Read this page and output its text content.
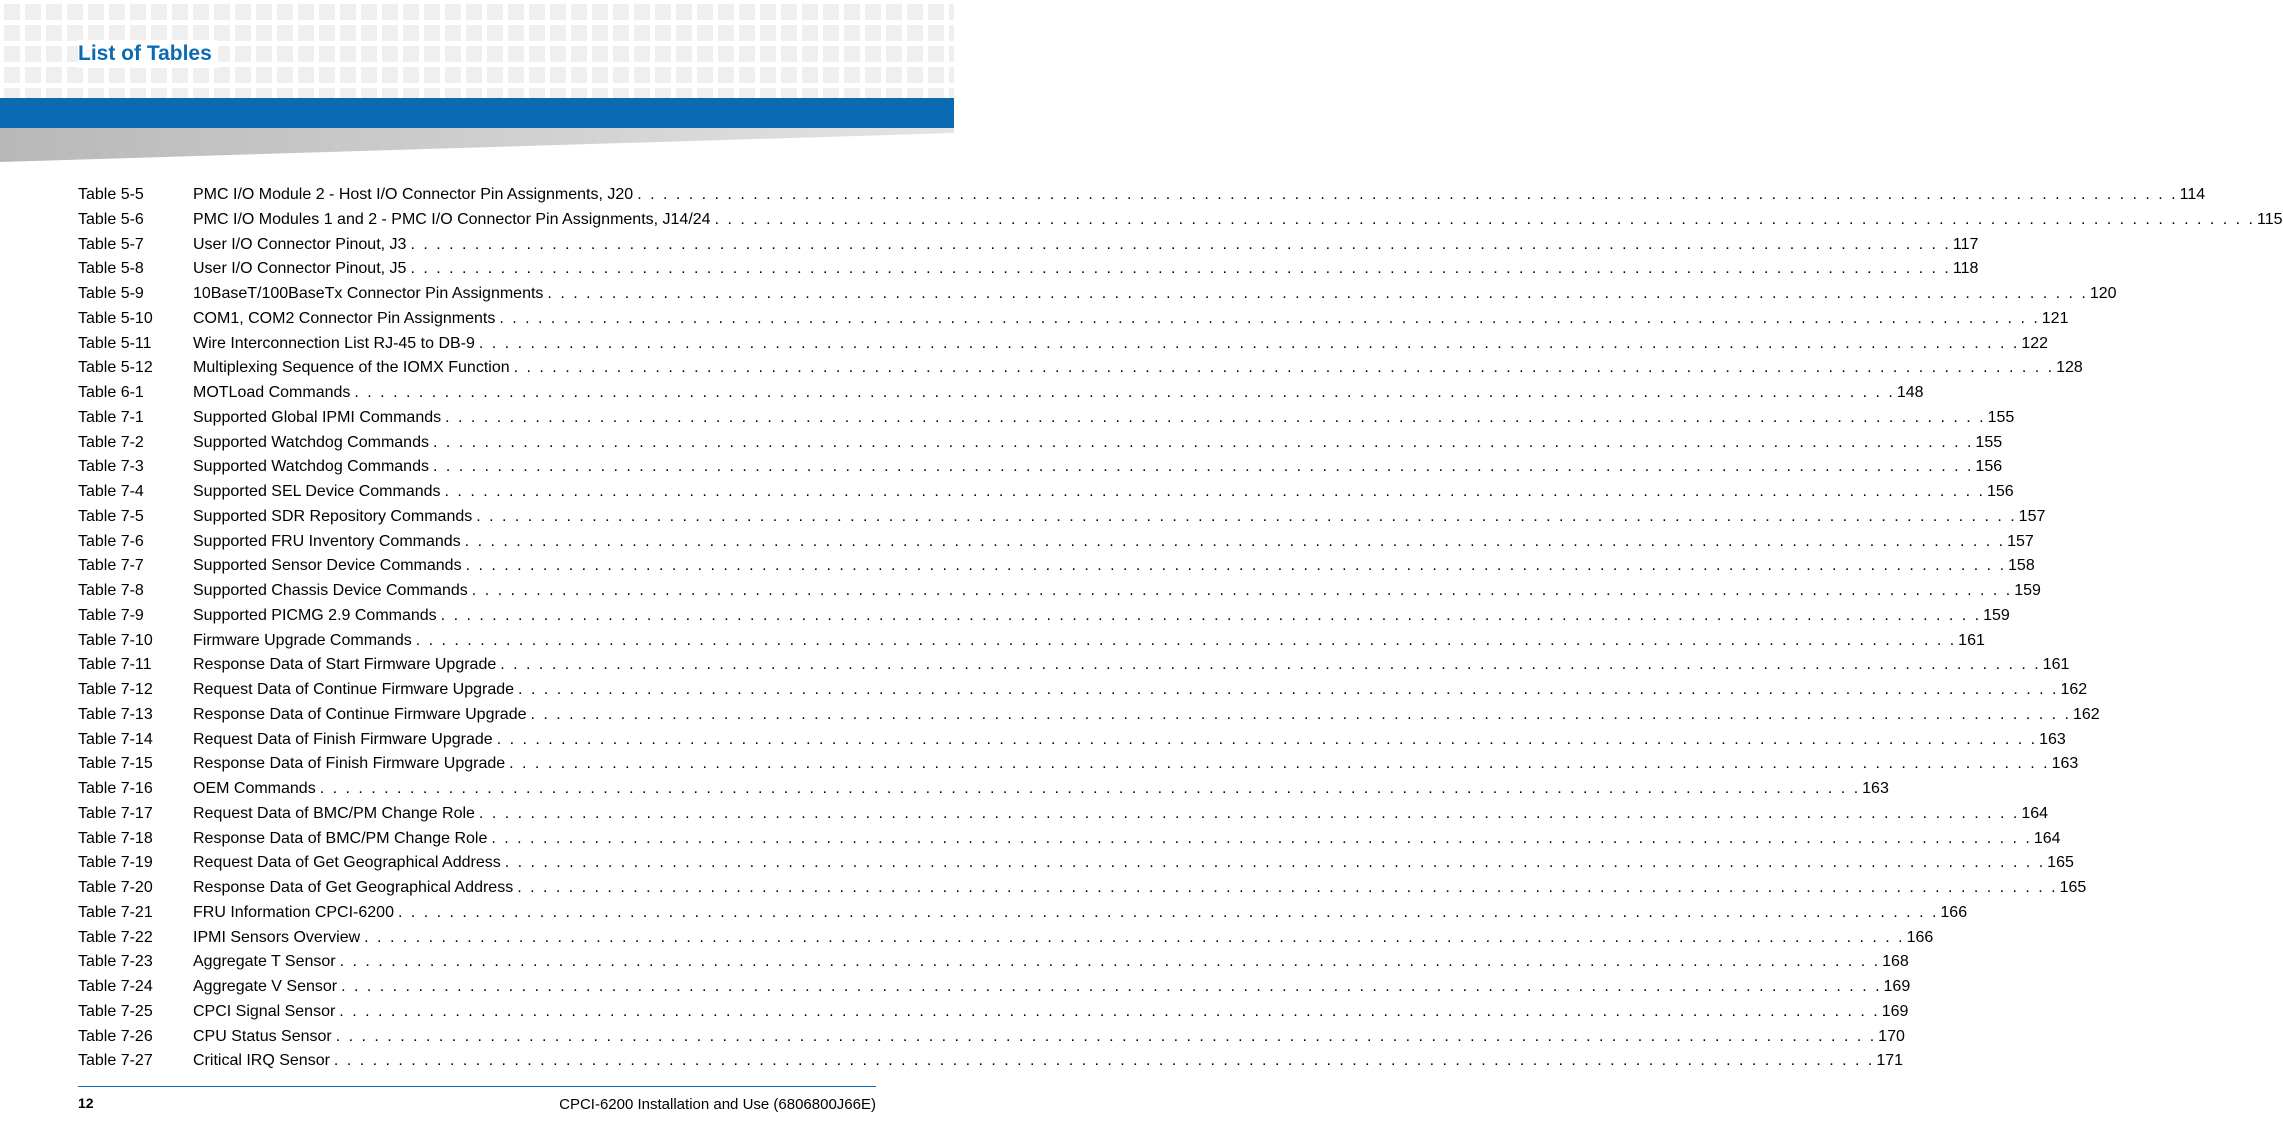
List of Tables
Table 5-5	PMC I/O Module 2 - Host I/O Connector Pin Assignments, J20 . . . . . . . . . . . . . . . . . . . . . . . . . . . . . . . . . . . . . . . . . . . . . . . . . . . . . . . . . . . . . . . . . . . . . . . . . . . . . . . . . . . . . . . . . . . . . . . . . . . . . . . . . . . . . . . . . . . . . . . . 114
Table 5-6	PMC I/O Modules 1 and 2 - PMC I/O Connector Pin Assignments, J14/24 . . . . . . . . . . . . . . . . . . . . . . . . . . . . . . . . . . . . . . . . . . . . . . . . . . . . . . . . . . . . . . . . . . . . . . . . . . . . . . . . . . . . . . . . . . . . . . . . . . . . . . . . . . . . . . . . . . . . . . . . 115
Table 5-7	User I/O Connector Pinout, J3 . . . . . . . . . . . . . . . . . . . . . . . . . . . . . . . . . . . . . . . . . . . . . . . . . . . . . . . . . . . . . . . . . . . . . . . . . . . . . . . . . . . . . . . . . . . . . . . . . . . . . . . . . . . . . . . . . . . . . . . . 117
Table 5-8	User I/O Connector Pinout, J5 . . . . . . . . . . . . . . . . . . . . . . . . . . . . . . . . . . . . . . . . . . . . . . . . . . . . . . . . . . . . . . . . . . . . . . . . . . . . . . . . . . . . . . . . . . . . . . . . . . . . . . . . . . . . . . . . . . . . . . . . 118
Table 5-9	10BaseT/100BaseTx Connector Pin Assignments . . . . . . . . . . . . . . . . . . . . . . . . . . . . . . . . . . . . . . . . . . . . . . . . . . . . . . . . . . . . . . . . . . . . . . . . . . . . . . . . . . . . . . . . . . . . . . . . . . . . . . . . . . . . . . . . . . . . . . . . 120
Table 5-10	COM1, COM2 Connector Pin Assignments . . . . . . . . . . . . . . . . . . . . . . . . . . . . . . . . . . . . . . . . . . . . . . . . . . . . . . . . . . . . . . . . . . . . . . . . . . . . . . . . . . . . . . . . . . . . . . . . . . . . . . . . . . . . . . . . . . . . . . . . 121
Table 5-11	Wire Interconnection List RJ-45 to DB-9 . . . . . . . . . . . . . . . . . . . . . . . . . . . . . . . . . . . . . . . . . . . . . . . . . . . . . . . . . . . . . . . . . . . . . . . . . . . . . . . . . . . . . . . . . . . . . . . . . . . . . . . . . . . . . . . . . . . . . . . . 122
Table 5-12	Multiplexing Sequence of the IOMX Function . . . . . . . . . . . . . . . . . . . . . . . . . . . . . . . . . . . . . . . . . . . . . . . . . . . . . . . . . . . . . . . . . . . . . . . . . . . . . . . . . . . . . . . . . . . . . . . . . . . . . . . . . . . . . . . . . . . . . . . . 128
Table 6-1	MOTLoad Commands . . . . . . . . . . . . . . . . . . . . . . . . . . . . . . . . . . . . . . . . . . . . . . . . . . . . . . . . . . . . . . . . . . . . . . . . . . . . . . . . . . . . . . . . . . . . . . . . . . . . . . . . . . . . . . . . . . . . . . . . 148
Table 7-1	Supported Global IPMI Commands . . . . . . . . . . . . . . . . . . . . . . . . . . . . . . . . . . . . . . . . . . . . . . . . . . . . . . . . . . . . . . . . . . . . . . . . . . . . . . . . . . . . . . . . . . . . . . . . . . . . . . . . . . . . . . . . . . . . . . . . 155
Table 7-2	Supported Watchdog Commands . . . . . . . . . . . . . . . . . . . . . . . . . . . . . . . . . . . . . . . . . . . . . . . . . . . . . . . . . . . . . . . . . . . . . . . . . . . . . . . . . . . . . . . . . . . . . . . . . . . . . . . . . . . . . . . . . . . . . . . . 155
Table 7-3	Supported Watchdog Commands . . . . . . . . . . . . . . . . . . . . . . . . . . . . . . . . . . . . . . . . . . . . . . . . . . . . . . . . . . . . . . . . . . . . . . . . . . . . . . . . . . . . . . . . . . . . . . . . . . . . . . . . . . . . . . . . . . . . . . . . 156
Table 7-4	Supported SEL Device Commands . . . . . . . . . . . . . . . . . . . . . . . . . . . . . . . . . . . . . . . . . . . . . . . . . . . . . . . . . . . . . . . . . . . . . . . . . . . . . . . . . . . . . . . . . . . . . . . . . . . . . . . . . . . . . . . . . . . . . . . . 156
Table 7-5	Supported SDR Repository Commands . . . . . . . . . . . . . . . . . . . . . . . . . . . . . . . . . . . . . . . . . . . . . . . . . . . . . . . . . . . . . . . . . . . . . . . . . . . . . . . . . . . . . . . . . . . . . . . . . . . . . . . . . . . . . . . . . . . . . . . . 157
Table 7-6	Supported FRU Inventory Commands . . . . . . . . . . . . . . . . . . . . . . . . . . . . . . . . . . . . . . . . . . . . . . . . . . . . . . . . . . . . . . . . . . . . . . . . . . . . . . . . . . . . . . . . . . . . . . . . . . . . . . . . . . . . . . . . . . . . . . . . 157
Table 7-7	Supported Sensor Device Commands . . . . . . . . . . . . . . . . . . . . . . . . . . . . . . . . . . . . . . . . . . . . . . . . . . . . . . . . . . . . . . . . . . . . . . . . . . . . . . . . . . . . . . . . . . . . . . . . . . . . . . . . . . . . . . . . . . . . . . . . 158
Table 7-8	Supported Chassis Device Commands . . . . . . . . . . . . . . . . . . . . . . . . . . . . . . . . . . . . . . . . . . . . . . . . . . . . . . . . . . . . . . . . . . . . . . . . . . . . . . . . . . . . . . . . . . . . . . . . . . . . . . . . . . . . . . . . . . . . . . . . 159
Table 7-9	Supported PICMG 2.9 Commands . . . . . . . . . . . . . . . . . . . . . . . . . . . . . . . . . . . . . . . . . . . . . . . . . . . . . . . . . . . . . . . . . . . . . . . . . . . . . . . . . . . . . . . . . . . . . . . . . . . . . . . . . . . . . . . . . . . . . . . . 159
Table 7-10	Firmware Upgrade Commands . . . . . . . . . . . . . . . . . . . . . . . . . . . . . . . . . . . . . . . . . . . . . . . . . . . . . . . . . . . . . . . . . . . . . . . . . . . . . . . . . . . . . . . . . . . . . . . . . . . . . . . . . . . . . . . . . . . . . . . . 161
Table 7-11	Response Data of Start Firmware Upgrade . . . . . . . . . . . . . . . . . . . . . . . . . . . . . . . . . . . . . . . . . . . . . . . . . . . . . . . . . . . . . . . . . . . . . . . . . . . . . . . . . . . . . . . . . . . . . . . . . . . . . . . . . . . . . . . . . . . . . . . . 161
Table 7-12	Request Data of Continue Firmware Upgrade . . . . . . . . . . . . . . . . . . . . . . . . . . . . . . . . . . . . . . . . . . . . . . . . . . . . . . . . . . . . . . . . . . . . . . . . . . . . . . . . . . . . . . . . . . . . . . . . . . . . . . . . . . . . . . . . . . . . . . . . 162
Table 7-13	Response Data of Continue Firmware Upgrade . . . . . . . . . . . . . . . . . . . . . . . . . . . . . . . . . . . . . . . . . . . . . . . . . . . . . . . . . . . . . . . . . . . . . . . . . . . . . . . . . . . . . . . . . . . . . . . . . . . . . . . . . . . . . . . . . . . . . . . . 162
Table 7-14	Request Data of Finish Firmware Upgrade . . . . . . . . . . . . . . . . . . . . . . . . . . . . . . . . . . . . . . . . . . . . . . . . . . . . . . . . . . . . . . . . . . . . . . . . . . . . . . . . . . . . . . . . . . . . . . . . . . . . . . . . . . . . . . . . . . . . . . . . 163
Table 7-15	Response Data of Finish Firmware Upgrade . . . . . . . . . . . . . . . . . . . . . . . . . . . . . . . . . . . . . . . . . . . . . . . . . . . . . . . . . . . . . . . . . . . . . . . . . . . . . . . . . . . . . . . . . . . . . . . . . . . . . . . . . . . . . . . . . . . . . . . . 163
Table 7-16	OEM Commands . . . . . . . . . . . . . . . . . . . . . . . . . . . . . . . . . . . . . . . . . . . . . . . . . . . . . . . . . . . . . . . . . . . . . . . . . . . . . . . . . . . . . . . . . . . . . . . . . . . . . . . . . . . . . . . . . . . . . . . . 163
Table 7-17	Request Data of BMC/PM Change Role . . . . . . . . . . . . . . . . . . . . . . . . . . . . . . . . . . . . . . . . . . . . . . . . . . . . . . . . . . . . . . . . . . . . . . . . . . . . . . . . . . . . . . . . . . . . . . . . . . . . . . . . . . . . . . . . . . . . . . . . 164
Table 7-18	Response Data of BMC/PM Change Role . . . . . . . . . . . . . . . . . . . . . . . . . . . . . . . . . . . . . . . . . . . . . . . . . . . . . . . . . . . . . . . . . . . . . . . . . . . . . . . . . . . . . . . . . . . . . . . . . . . . . . . . . . . . . . . . . . . . . . . . 164
Table 7-19	Request Data of Get Geographical Address . . . . . . . . . . . . . . . . . . . . . . . . . . . . . . . . . . . . . . . . . . . . . . . . . . . . . . . . . . . . . . . . . . . . . . . . . . . . . . . . . . . . . . . . . . . . . . . . . . . . . . . . . . . . . . . . . . . . . . . . 165
Table 7-20	Response Data of Get Geographical Address . . . . . . . . . . . . . . . . . . . . . . . . . . . . . . . . . . . . . . . . . . . . . . . . . . . . . . . . . . . . . . . . . . . . . . . . . . . . . . . . . . . . . . . . . . . . . . . . . . . . . . . . . . . . . . . . . . . . . . . . 165
Table 7-21	FRU Information CPCI-6200 . . . . . . . . . . . . . . . . . . . . . . . . . . . . . . . . . . . . . . . . . . . . . . . . . . . . . . . . . . . . . . . . . . . . . . . . . . . . . . . . . . . . . . . . . . . . . . . . . . . . . . . . . . . . . . . . . . . . . . . . 166
Table 7-22	IPMI Sensors Overview . . . . . . . . . . . . . . . . . . . . . . . . . . . . . . . . . . . . . . . . . . . . . . . . . . . . . . . . . . . . . . . . . . . . . . . . . . . . . . . . . . . . . . . . . . . . . . . . . . . . . . . . . . . . . . . . . . . . . . . . 166
Table 7-23	Aggregate T Sensor . . . . . . . . . . . . . . . . . . . . . . . . . . . . . . . . . . . . . . . . . . . . . . . . . . . . . . . . . . . . . . . . . . . . . . . . . . . . . . . . . . . . . . . . . . . . . . . . . . . . . . . . . . . . . . . . . . . . . . . . 168
Table 7-24	Aggregate V Sensor . . . . . . . . . . . . . . . . . . . . . . . . . . . . . . . . . . . . . . . . . . . . . . . . . . . . . . . . . . . . . . . . . . . . . . . . . . . . . . . . . . . . . . . . . . . . . . . . . . . . . . . . . . . . . . . . . . . . . . . . 169
Table 7-25	CPCI Signal Sensor . . . . . . . . . . . . . . . . . . . . . . . . . . . . . . . . . . . . . . . . . . . . . . . . . . . . . . . . . . . . . . . . . . . . . . . . . . . . . . . . . . . . . . . . . . . . . . . . . . . . . . . . . . . . . . . . . . . . . . . . 169
Table 7-26	CPU Status Sensor . . . . . . . . . . . . . . . . . . . . . . . . . . . . . . . . . . . . . . . . . . . . . . . . . . . . . . . . . . . . . . . . . . . . . . . . . . . . . . . . . . . . . . . . . . . . . . . . . . . . . . . . . . . . . . . . . . . . . . . . 170
Table 7-27	Critical IRQ Sensor . . . . . . . . . . . . . . . . . . . . . . . . . . . . . . . . . . . . . . . . . . . . . . . . . . . . . . . . . . . . . . . . . . . . . . . . . . . . . . . . . . . . . . . . . . . . . . . . . . . . . . . . . . . . . . . . . . . . . . . . 171
12	CPCI-6200 Installation and Use (6806800J66E)
